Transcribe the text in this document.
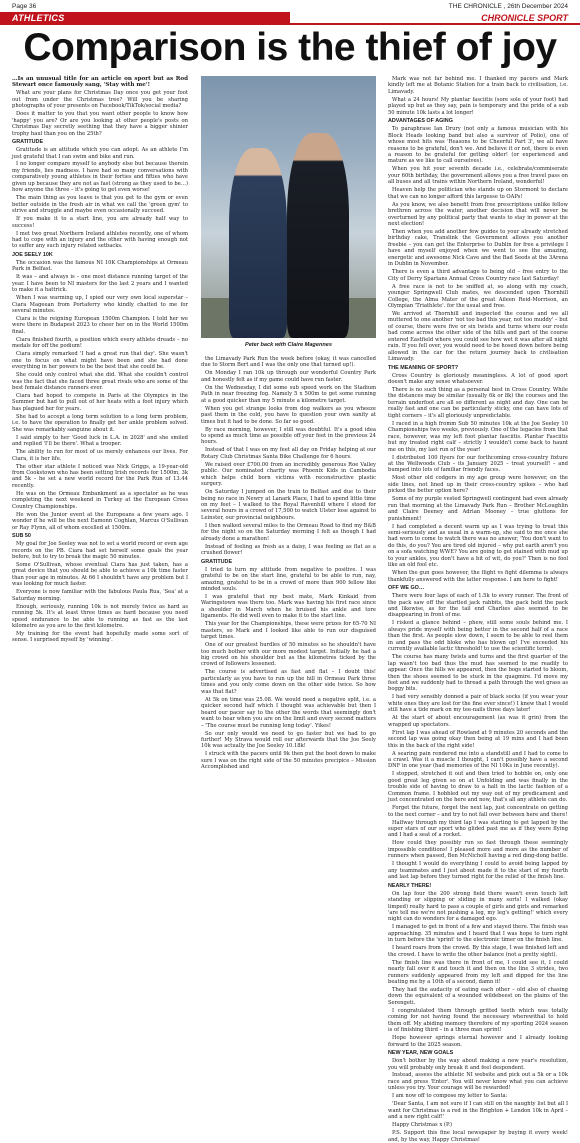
Page 36	THE CHRONICLE , 26th December 2024
ATHLETICS	CHRONICLE SPORT
Comparison is the thief of joy

…Is an unusual title for an article on sport but as Rod Stewart once famously sang, 'Stay with me'!

What are your plans for Christmas Day once you get your foot out from under the Christmas tree? Will you be sharing photographs of your presents on Facebook/TikTok/social media?

Does it matter to you that you want other people to know how 'happy' you are? Or are you looking at other people's posts on Christmas Day secretly seething that they have a bigger shinier trophy haul than you on the 25th?

GRATITUDE

Gratitude is an attitude which you can adopt. As an athlete I'm just grateful that I can swim and bike and run.

I no longer compare myself to anybody else but because therein my friends, lies madness. I have had so many conversations with comparatively young athletes in their forties and fifties who have given up because they are not as fast (strong as they used to be…) how anyone the three – it's going to get even worse!

The main thing as you leave is that you get to the gym or even better outside in the fresh air in what we call the 'green gym' to strive and struggle and maybe even occasionally succeed.

If you make it to a start line, you are already half way to success!

I met two great Northern Ireland athletes recently, one of whom had to cope with an injury and the other with having enough not to suffer any such injury related setbacks.

JOE SEELY 10K

The occasion was the famous NI 10K Championships at Ormeau Park in Belfast.

It was – and always is – one most distance running target of the year. I have been to NI masters for the last 2 years and I wanted to make it a hattrick.

When I was warming up, I spied our very own local superstar – Ciara Mageean from Portaferry who kindly chatted to me for several minutes.

Ciara is the reigning European 1500m Champion. I told her we were there in Budapest 2023 to cheer her on in the World 1500m final.

Ciara finished fourth, a position which every athlete dreads – no medals for off the podium!

Ciara simply remarked 'I had a great run that day'. She wasn't one to focus on what might have been and she had done everything in her powers to be the best that she could be.

She could only control what she did. What she couldn't control was the fact that she faced three great rivals who are some of the best female distance runners ever.

Ciara had hoped to compete in Paris at the Olympics in the Summer but had to pull out of her heats with a foot injury which has plagued her for years.

She had to accept a long term solution to a long term problem, i.e. to have the operation to finally get her ankle problem solved. She was remarkably sanguine about it.

I said simply to her 'Good luck in L.A. in 2028' and she smiled and replied 'I'll be there'. What a trooper.

The ability to run for most of us merely enhances our lives. For Ciara, it is her life.

The other star athlete I noticed was Nick Griggs, a 19-year-old from Cookstown who has been setting Irish records for 1500m, 3k and 5k – he set a new world record for the Park Run of 13.44 recently.

He was on the Ormeau Embankment as a spectator as he was completing the next weekend in Turkey at the European Cross Country Championships.

He won the Junior event at the Europeans a few years ago. I wonder if he will be the next Eamonn Coghlan, Marcus O'Sullivan or Ray Flynn, all of whom excelled at 1500m.

SUB 50

My goal for Joe Seeley was not to set a world record or even age records on the PB. Ciara had set herself some goals the year before, but to try to break the magic 50 minutes.

Some O'Sullivan, whose eventual Ciara has just taken, has a great device that you should be able to achieve a 10k time faster than your age in minutes. At 66 I shouldn't have any problem but I was looking for much faster.

Everyone is now familiar with the fabulous Paula Rua, 'Sea' at a Saturday morning.

Enough, seriously, running 10k is not merely twice as hard as running 5k. It's at least three times as hard because you need speed endurance to be able to running as fast as the last kilometre as you are to the first kilometre.

My training for the event had hopefully made some sort of sense. I surprised myself by 'winning'.

Peter back with Claire Magennes

the Limavady Park Run the week before (okay, it was cancelled due to Storm Bert and I was the only one that turned up!).

On Monday I ran 10k up through our wonderful Country Park and honestly felt as if my game could have run faster.

On the Wednesday, I did some sub speed work on the Stadium Path in near freezing fog. Namely 5 x 500m to get some running at a good quicker than my 5 minute a kilometre target.

When you get strange looks from dog walkers as you wheeze past them in the cold, you have to question your own sanity at times but it had to be done. So far so good.

By race morning, however, I still was doubtful. It's a good idea to spend as much time as possible off your feet in the previous 24 hours.

Instead of that I was on my feet all day on Friday helping at our Rotary Club Christmas Santa Bike Challenge for 6 hours.

We raised over £700.00 from an incredibly generous Roe Valley public. Our nominated charity was Phoenix Kids in Cambodia which helps child born victims with reconstructive plastic surgery.

On Saturday I jumped on the train to Belfast and due to their being no race in Newry at Lanark Place, I had to spend little time on my feet – I walked to the Royal Ravenhill where I stood for several hours in a crowd of 17,500 to watch Ulster lose against to Leinster, our provincial neighbours.

I then walked several miles to the Ormeau Road to find my B&B for the night so on the Saturday morning I felt as though I had already done a marathon!

Instead of feeling as fresh as a daisy, I was feeling as flat as a crushed flower!

GRATITUDE

I tried to turn my attitude from negative to positive. I was grateful to be on the start line, grateful to be able to run, nay, amazing, grateful to be in a crowd of more than 900 fellow like minded souls.

I was grateful that my best mate, Mark Kinkaid from Waringstown was there too. Mark was having his first race since a shoulder in March when he bruised his ankle and tore ligaments. He did well even to make it to the start line.

This year for the Championships, these were prizes for 65-70 NI masters, so Mark and I looked like able to run our disguised target times.

One of our greatest hurdles of 50 minutes so he shouldn't have too much bother with our more modest target. Initially he had a big crowd on his shoulder but as the kilometres ticked by the crowd of followers lessened.

The course is advertised as fast and flat – I doubt this! particularly as you have to run up the hill in Ormeau Park three times and you only come down on the other side twice. So how was that flat?

At 5k on time was 25.08. We would need a negative split, i.e. a quicker second half which I thought was achievable but then I heard our pacer say to the other the words that seemingly don't want to hear when you are on the limit and every second matters – 'The course must be running long today'. Yikes!

So our only would we need to go faster but we had to go further! My Strava would roll our afterwards that the Joe Seely 10k was actually the Joe Seeley 10.18k!

I struck with the pacers until 9k then put the boot down to make sure I was on the right side of the 50 minutes precipice – Mission Accomplished and

Mark was not far behind me. I thanked my pacers and Mark kindly left me at Botanic Station for a train back to civilisation, i.e. Limavady.

What a 24 hours! My plantar fasciitis (sore sole of your foot) had played up but as they say, pain is temporary and the pride of a sub 50 minute 10k lasts a lot longer!

ADVANTAGES OF AGING

To paraphrase Ian Drury (not only a famous musician with his Block Heads looking band but also a survivor of Polio), one of whose most hits was 'Reasons to be Cheerful Part 3', we all have reasons to be grateful, don't we. And believe it or not, there is even a reason to be grateful for getting older! (or experienced and mature as we like to call ourselves).

When you hit your seventh decade i.e., celebrate/commiserate your 60th birthday, the government allows you a free travel pass on all buses and all trains within Northern Ireland, wonderful!

Heaven help the politician who stands up on Stormont to declare that we can no longer afford this largesse to OAPs!

As you know, we also benefit from free prescriptions unlike fellow brethren across the water, another decision that will never be overturned by any political party that wants to stay in power at the next election!

Then when you add another few guides to your already stretched birthday cake, Translink the Government allows you another freebie – you can get the Enterprise to Dublin for free a privilege I have and myself enjoyed when we went to see the amazing, energetic and awesome Nick Cave and the Bad Seeds at the 3Arena in Dublin in November.

There is even a third advantage to being old – free entry to the City of Derry Spartans Annual Cross Country race last Saturday!

A free race is not to be sniffed at, so along with my coach, younger Springwell Club mates, we descended upon Thornhill College, the Alma Mater of the great Aileen Reid-Morrison, an Olympian 'Triathlete'. for the usual and free.

We arrived at Thornhill and inspected the course and we all muttered to one another 'not too bad this year, not too muddy' – but of course, there were five or six twists and turns where our route had come across the other side of the hills and part of the course entered Eastfield where you could see how wet it was after all night rain. If you fell over, you would need to be hosed down before being allowed in the car for the return journey back to civilisation Limavady.

THE MEANING OF SPORT?

Cross Country is gloriously meaningless. A lot of good sport doesn't make any sense whatsoever.

There is no such thing as a personal best in Cross Country. While the distances may be similar (usually 6k or 8k) the courses and the terrain underfoot are all so different as night and day. One can be really fast and one can be particularly sticky, one can have lots of tight corners – it's all gloriously unpredictable.

I raced in a high fromm Sub 50 minutes 10k at the Joe Seeley 10 Championships two weeks, previously. One of the legacies from that race, however, was my left foot plantar fasciitis. Plantar Fasciitis but my treated right calf – strictly I wouldn't come back to haunt me on this, my last run of the year!

I distributed 100 flyers for our forthcoming cross-country fixture at the Wellwoods Club – its January 2025 – treat yourself! – and bumped into lots of familiar friendly faces.

Most other old codgers in my age group were however, on the side lines, not lined up in their cross-country spikes – who had picked the better option here?

Some of my purple vested Springwell contingent had even already run that morning at the Limavady Park Run – Brother McLoughlin and Claire Deeney and Adrian Mooney – true gluttons for punishment!

I had completed a decent warm up as I was trying to treat this semi-seriously and as usual in a warm-up, she said to me once she had worn to come to watch there was no answer, 'You don't want to do this, do you? You are tired old injured – why put earth aren't you on a sofa watching WWE? You are going to get stained with mud up to your ankles, you don't have a bit of wit, do you?' Then is no fool like an old fool etc.

When the gun goes however, the flight vs fight dilemma is always thankfully answered with the latter response. I am here to fight!

OFF WE GO…

There were four laps of each of 1.5k to every runner. The front of the pack saw off the startled jack rabbits, the pack held the pack and likewise, as for the tail end Charlies also seemed to be disappearing in front of me.

I risked a glance behind – phew, still some souls behind me. I always pride myself with being better in the second half of a race than the first. As people slow down, I seem to be able to reel them in and pass the odd bloke who has blown up! I've exceeded his currently available lactic threshold! to use the scientific term).

The course has many twists and turns and the first quarter of the lap wasn't too bad thus the mud has seemed to me readily to appear. Once the hills we appeared, then the bogs started to bloom, then the shoes seemed to be stuck in the quagmire. I'd move my feet and we suddenly had to thread a path through the wet grass as boggy bits.

I had very sensibly donned a pair of black socks (if you wear your white ones they are lost for the fine ever since!) I knew that I would still have a tide mark on my tee-nails three days later!

At the start of about encouragement (as was it grin) from the wrapped up spectators.

First lap I was ahead of Rowland at 9 minutes 20 seconds and the second lap was going okay then being at 19 mins and I had been this in the back of the right side!

A searing pain rendered me into a standstill and I had to come to a crawl. Was it a muscle I thought, I can't possibly have a second DNF in one year (had memories of the NI 10Ks in June recently).

I stopped, stretched it out and then tried to hobble on, only one good great leg given so on at Unfolding and was finally in the trouble side of having to draw to a halt in the lactic fashion of a Common frame. I hobbled out my way out of my predicament and just concentrated on the here and now, that's all any athlete can do.

Forget the future, forget the next lap, just concentrate on getting to the next corner – and try to not fall over between here and there!

Halfway through my third lap I was starting to get lapped by the super stars of our sport who glided past me as if they were flying and I had a seat of a rocket.

How could they possibly run so fast through these seemingly impossible conditions! I pleased more and more as the number of runners when passed, Ben McNicholl having a red ding-dong battle.

I thought I would do everything I could to avoid being lapped by any teammates and I just about made it to the start of my fourth and last lap before they turned right for the relief of the finish line.

NEARLY THERE!

On lap four the 200 strong field there wasn't even touch left standing or slipping or sliding in many sorts! I walked (okay limped) really hard to pass a couple of girls and girls and remarked 'are tell me we're not pushing a leg, my leg's getting!' which every night can do wonders for a damaged ego.

I managed to get in front of a few and stayed there. The finish was approaching. 35 minutes and I heard that I was hope to turn right in turn before the 'sprint' to the electronic timer on the finish line.

I heard roars from the crowd. By this stage, I was finished left and the crowd. I have to write the other balance (not a pretty sight).

The finish line was there in front of me, I could see it, I could nearly fall over it and touch it and then on the line 3 strides, two runners suddenly appeared from my left and dipped for the line beating me by a 10th of a second, damn it!

They had the audacity of eating each other – old also of chasing down the equivalent of a wounded wildebeest on the plains of the Serengeti.

I congratulated them through gritted teeth which was totally coming for not having found the necessary wherewithal to hold them off. My abiding memory therefore of my sporting 2024 season is of finishing third – in a three man sprint!

Hope however springs eternal however and I already looking forward to the 2025 season.

NEW YEAR, NEW GOALS

Don't bother by the way about making a new year's resolution, you will probably only break it and feel despondent.

Instead, assess the athletic NI website and pick out a 5k or a 10k race and press 'Enter'. You will never know what you can achieve unless you try. Your courage will be rewarded!

I am now off to compose my letter to Santa:

'Dear Santa, I am not sure if I can still on the naughty list but all I want for Christmas is a red in the Brighton + Lendon 10k in April – and a new right calf!'

Happy Christmas x (P.)

P.S. Support this fine local newspaper by buying it every week! and, by the way, Happy Christmas!
